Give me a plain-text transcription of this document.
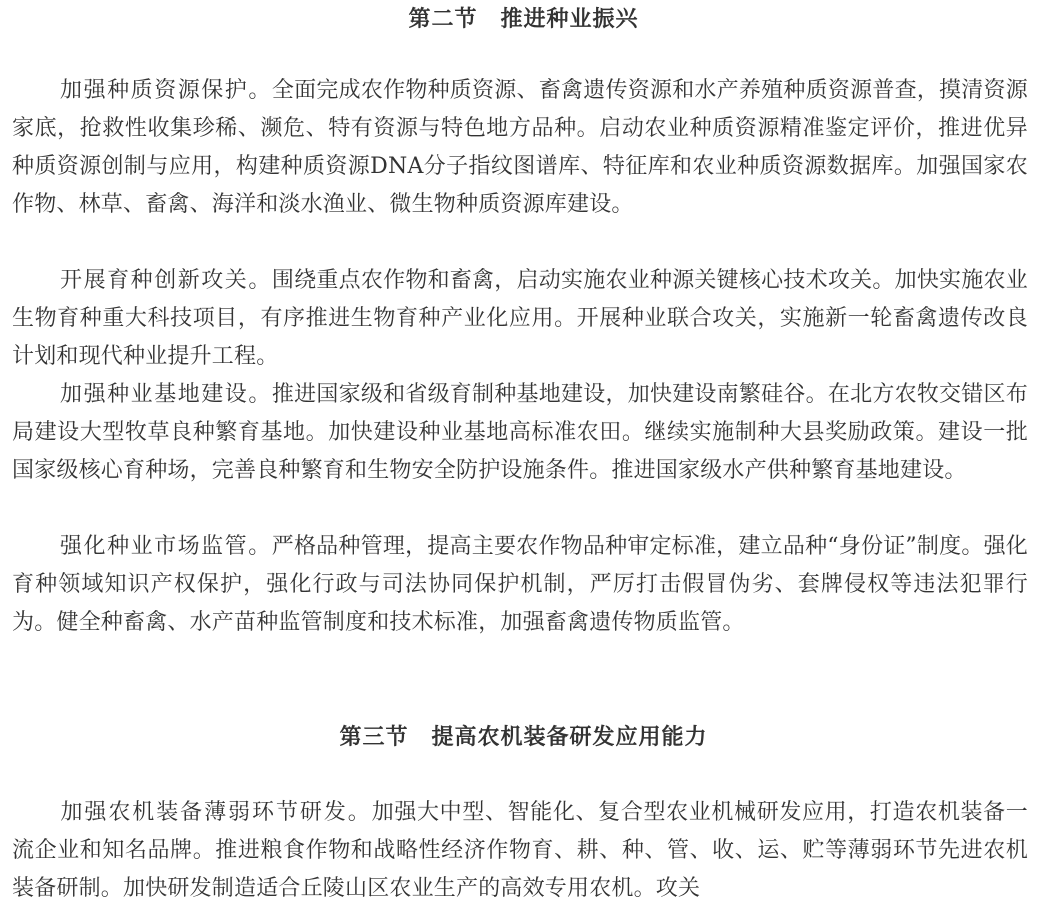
第二节　推进种业振兴

加强种质资源保护。全面完成农作物种质资源、畜禽遗传资源和水产养殖种质资源普查，摸清资源家底，抢救性收集珍稀、濒危、特有资源与特色地方品种。启动农业种质资源精准鉴定评价，推进优异种质资源创制与应用，构建种质资源DNA分子指纹图谱库、特征库和农业种质资源数据库。加强国家农作物、林草、畜禽、海洋和淡水渔业、微生物种质资源库建设。

开展育种创新攻关。围绕重点农作物和畜禽，启动实施农业种源关键核心技术攻关。加快实施农业生物育种重大科技项目，有序推进生物育种产业化应用。开展种业联合攻关，实施新一轮畜禽遗传改良计划和现代种业提升工程。

加强种业基地建设。推进国家级和省级育制种基地建设，加快建设南繁硅谷。在北方农牧交错区布局建设大型牧草良种繁育基地。加快建设种业基地高标准农田。继续实施制种大县奖励政策。建设一批国家级核心育种场，完善良种繁育和生物安全防护设施条件。推进国家级水产供种繁育基地建设。

强化种业市场监管。严格品种管理，提高主要农作物品种审定标准，建立品种“身份证”制度。强化育种领域知识产权保护，强化行政与司法协同保护机制，严厉打击假冒伪劣、套牌侵权等违法犯罪行为。健全种畜禽、水产苗种监管制度和技术标准，加强畜禽遗传物质监管。

第三节　提高农机装备研发应用能力

加强农机装备薄弱环节研发。加强大中型、智能化、复合型农业机械研发应用，打造农机装备一流企业和知名品牌。推进粮食作物和战略性经济作物育、耕、种、管、收、运、贮等薄弱环节先进农机装备研制。加快研发制造适合丘陵山区农业生产的高效专用农机。攻关
